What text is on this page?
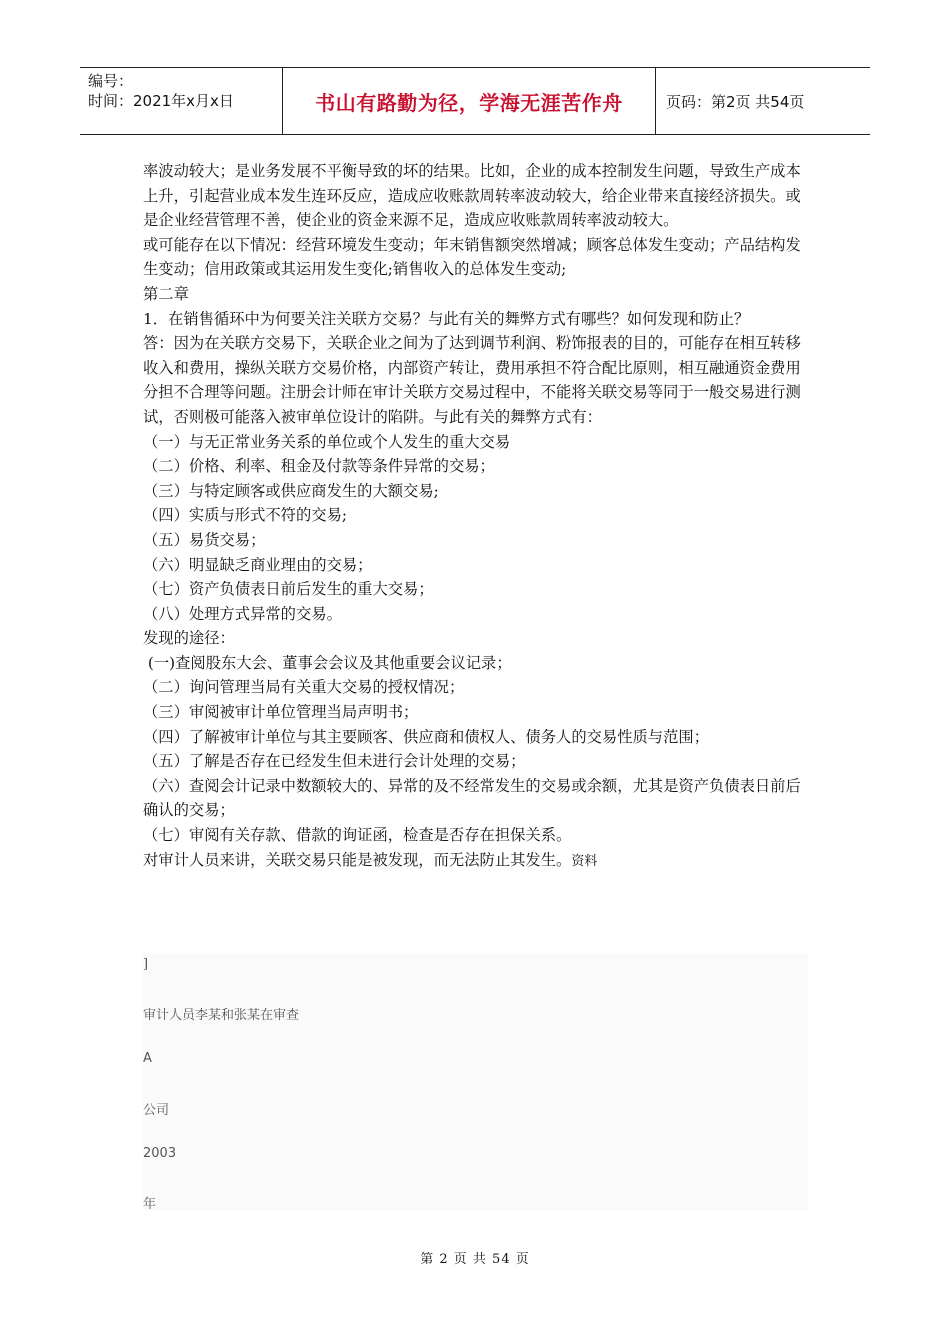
编号：
时间：2021年x月x日	书山有路勤为径，学海无涯苦作舟	页码：第2页 共54页

率波动较大；是业务发展不平衡导致的坏的结果。比如，企业的成本控制发生问题，导致生产成本上升，引起营业成本发生连环反应，造成应收账款周转率波动较大，给企业带来直接经济损失。或是企业经营管理不善，使企业的资金来源不足，造成应收账款周转率波动较大。

或可能存在以下情况：经营环境发生变动；年末销售额突然增减；顾客总体发生变动；产品结构发生变动；信用政策或其运用发生变化;销售收入的总体发生变动;

第二章

1．在销售循环中为何要关注关联方交易？与此有关的舞弊方式有哪些？如何发现和防止？

答：因为在关联方交易下，关联企业之间为了达到调节利润、粉饰报表的目的，可能存在相互转移收入和费用，操纵关联方交易价格，内部资产转让，费用承担不符合配比原则，相互融通资金费用分担不合理等问题。注册会计师在审计关联方交易过程中，不能将关联交易等同于一般交易进行测试，否则极可能落入被审单位设计的陷阱。与此有关的舞弊方式有：

（一）与无正常业务关系的单位或个人发生的重大交易

（二）价格、利率、租金及付款等条件异常的交易；

（三）与特定顾客或供应商发生的大额交易;

（四）实质与形式不符的交易;

（五）易货交易；

（六）明显缺乏商业理由的交易；

（七）资产负债表日前后发生的重大交易；

（八）处理方式异常的交易。

发现的途径：

(一)查阅股东大会、董事会会议及其他重要会议记录；

（二）询问管理当局有关重大交易的授权情况；

（三）审阅被审计单位管理当局声明书；

（四）了解被审计单位与其主要顾客、供应商和债权人、债务人的交易性质与范围；

（五）了解是否存在已经发生但未进行会计处理的交易；

（六）查阅会计记录中数额较大的、异常的及不经常发生的交易或余额，尤其是资产负债表日前后确认的交易；

（七）审阅有关存款、借款的询证函，检查是否存在担保关系。

对审计人员来讲，关联交易只能是被发现，而无法防止其发生。资料

]
审计人员李某和张某在审查
A
公司
2003
年
第 2 页 共 54 页
